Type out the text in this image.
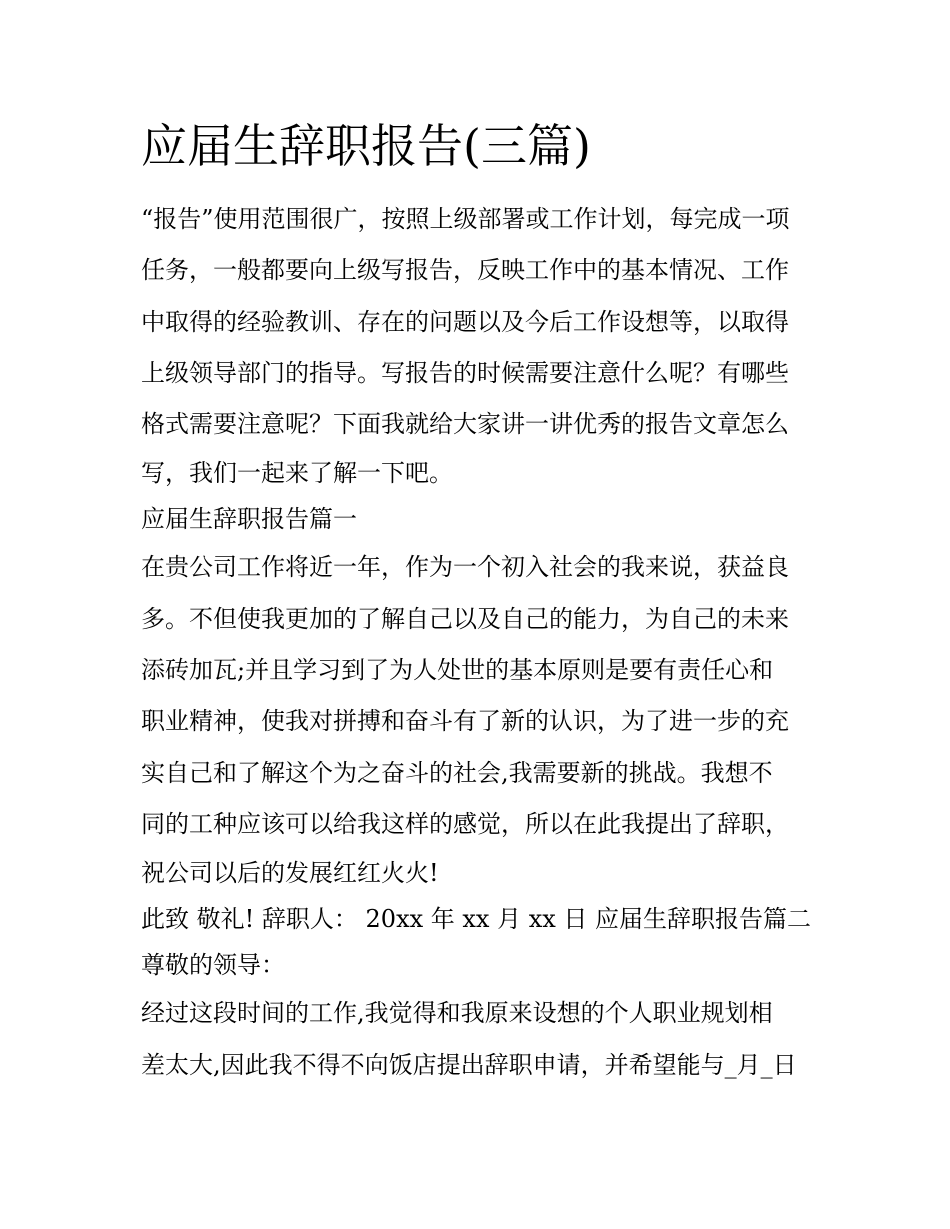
应届生辞职报告(三篇)
“报告”使用范围很广，按照上级部署或工作计划，每完成一项
任务，一般都要向上级写报告，反映工作中的基本情况、工作
中取得的经验教训、存在的问题以及今后工作设想等，以取得
上级领导部门的指导。写报告的时候需要注意什么呢？有哪些
格式需要注意呢？下面我就给大家讲一讲优秀的报告文章怎么
写，我们一起来了解一下吧。
应届生辞职报告篇一
在贵公司工作将近一年，作为一个初入社会的我来说，获益良
多。不但使我更加的了解自己以及自己的能力，为自己的未来
添砖加瓦;并且学习到了为人处世的基本原则是要有责任心和
职业精神，使我对拼搏和奋斗有了新的认识，为了进一步的充
实自己和了解这个为之奋斗的社会,我需要新的挑战。我想不
同的工种应该可以给我这样的感觉，所以在此我提出了辞职，
祝公司以后的发展红红火火!
此致 敬礼! 辞职人： 20xx 年 xx 月 xx 日 应届生辞职报告篇二
尊敬的领导：
经过这段时间的工作,我觉得和我原来设想的个人职业规划相
差太大,因此我不得不向饭店提出辞职申请，并希望能与_月_日
